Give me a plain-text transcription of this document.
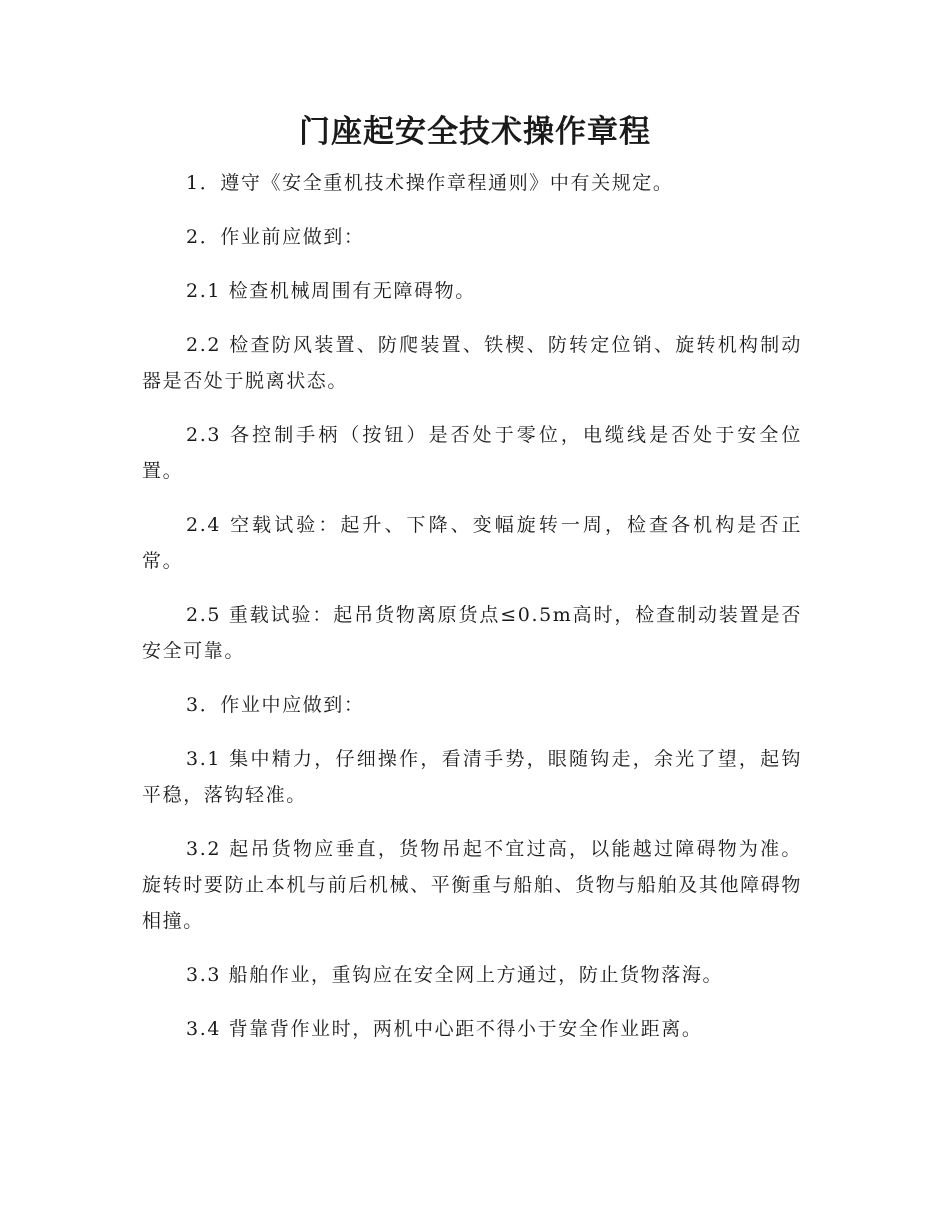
门座起安全技术操作章程

1．遵守《安全重机技术操作章程通则》中有关规定。

2．作业前应做到：

2.1 检查机械周围有无障碍物。

2.2 检查防风装置、防爬装置、铁楔、防转定位销、旋转机构制动器是否处于脱离状态。

2.3 各控制手柄（按钮）是否处于零位，电缆线是否处于安全位置。

2.4 空载试验：起升、下降、变幅旋转一周，检查各机构是否正常。

2.5 重载试验：起吊货物离原货点≤0.5m高时，检查制动装置是否安全可靠。

3．作业中应做到：

3.1 集中精力，仔细操作，看清手势，眼随钩走，余光了望，起钩平稳，落钩轻准。

3.2 起吊货物应垂直，货物吊起不宜过高，以能越过障碍物为准。旋转时要防止本机与前后机械、平衡重与船舶、货物与船舶及其他障碍物相撞。

3.3 船舶作业，重钩应在安全网上方通过，防止货物落海。

3.4 背靠背作业时，两机中心距不得小于安全作业距离。
